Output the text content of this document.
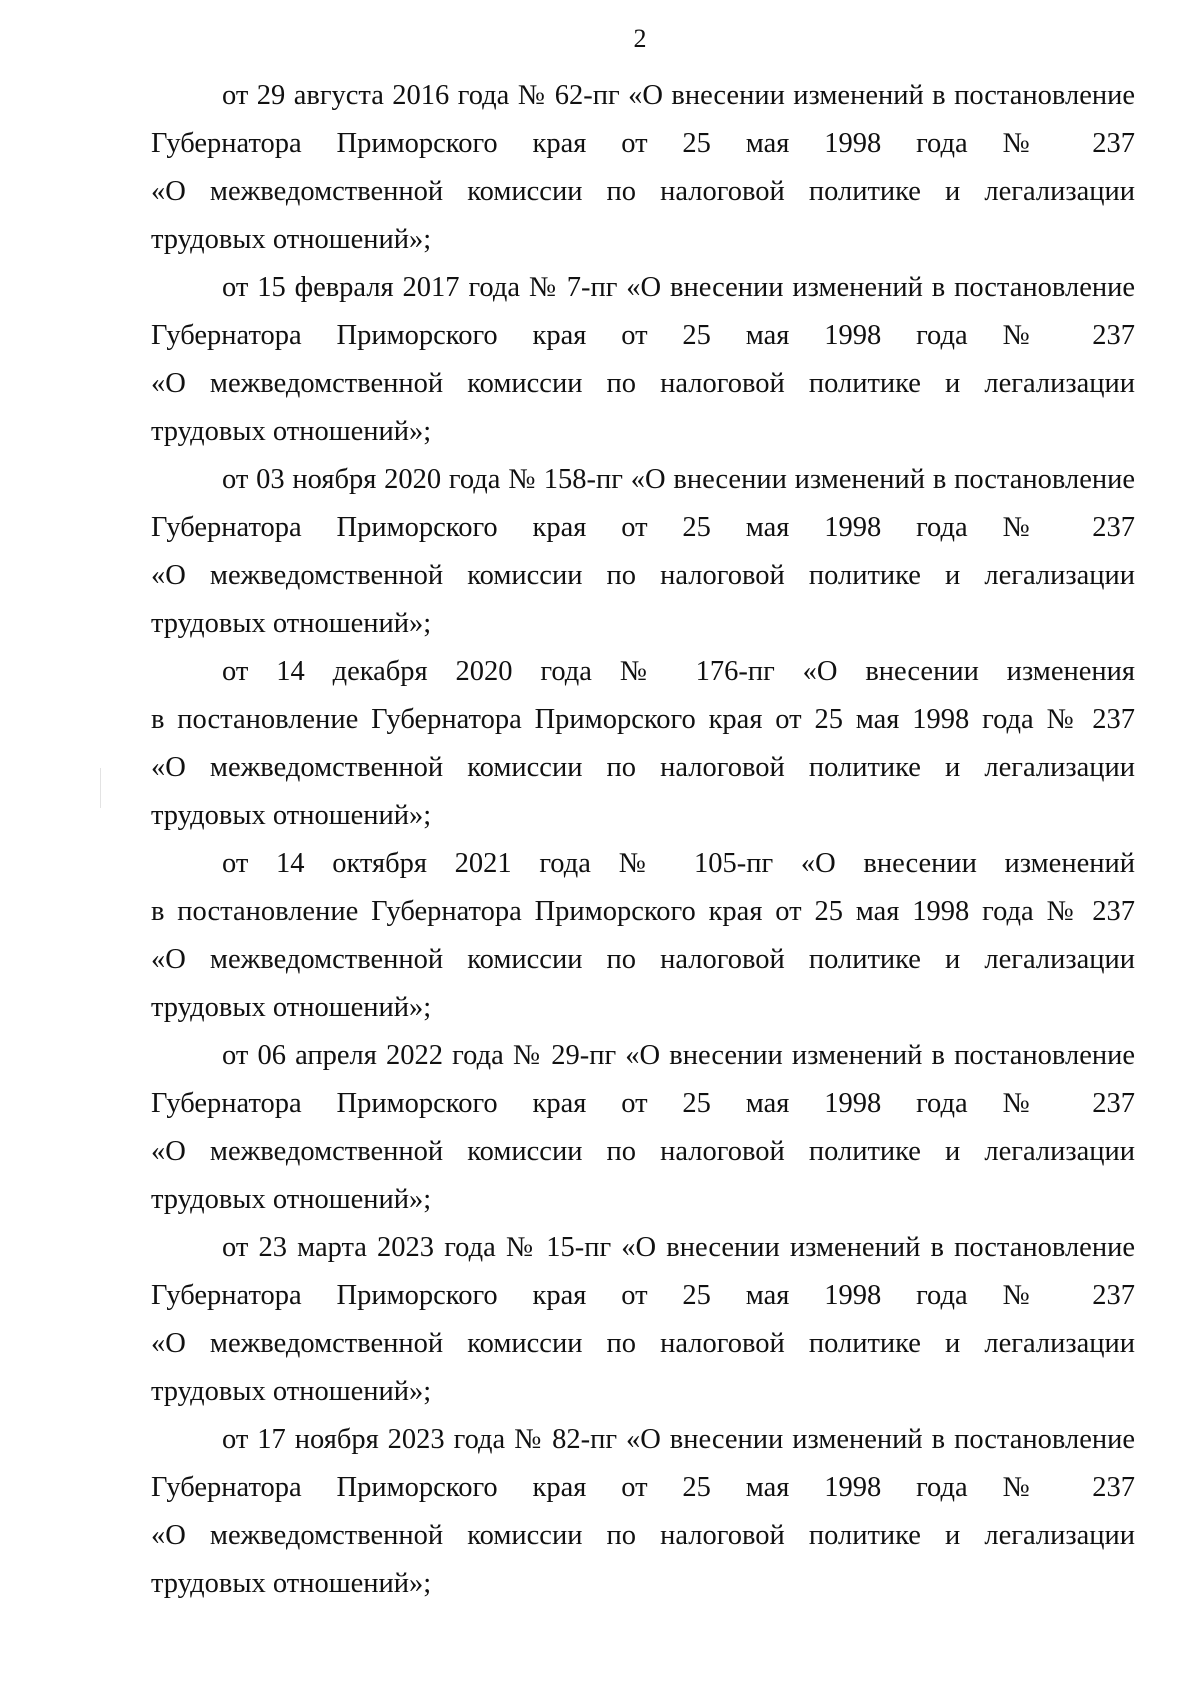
2

от 29 августа 2016 года № 62-пг «О внесении изменений в постановление
Губернатора Приморского края от 25 мая 1998 года № 237
«О межведомственной комиссии по налоговой политике и легализации
трудовых отношений»;

от 15 февраля 2017 года № 7-пг «О внесении изменений в постановление
Губернатора Приморского края от 25 мая 1998 года № 237
«О межведомственной комиссии по налоговой политике и легализации
трудовых отношений»;

от 03 ноября 2020 года № 158-пг «О внесении изменений в постановление
Губернатора Приморского края от 25 мая 1998 года № 237
«О межведомственной комиссии по налоговой политике и легализации
трудовых отношений»;

от 14 декабря 2020 года № 176-пг «О внесении изменения
в постановление Губернатора Приморского края от 25 мая 1998 года № 237
«О межведомственной комиссии по налоговой политике и легализации
трудовых отношений»;

от 14 октября 2021 года № 105-пг «О внесении изменений
в постановление Губернатора Приморского края от 25 мая 1998 года № 237
«О межведомственной комиссии по налоговой политике и легализации
трудовых отношений»;

от 06 апреля 2022 года № 29-пг «О внесении изменений в постановление
Губернатора Приморского края от 25 мая 1998 года № 237
«О межведомственной комиссии по налоговой политике и легализации
трудовых отношений»;

от 23 марта 2023 года № 15-пг «О внесении изменений в постановление
Губернатора Приморского края от 25 мая 1998 года № 237
«О межведомственной комиссии по налоговой политике и легализации
трудовых отношений»;

от 17 ноября 2023 года № 82-пг «О внесении изменений в постановление
Губернатора Приморского края от 25 мая 1998 года № 237
«О межведомственной комиссии по налоговой политике и легализации
трудовых отношений»;
